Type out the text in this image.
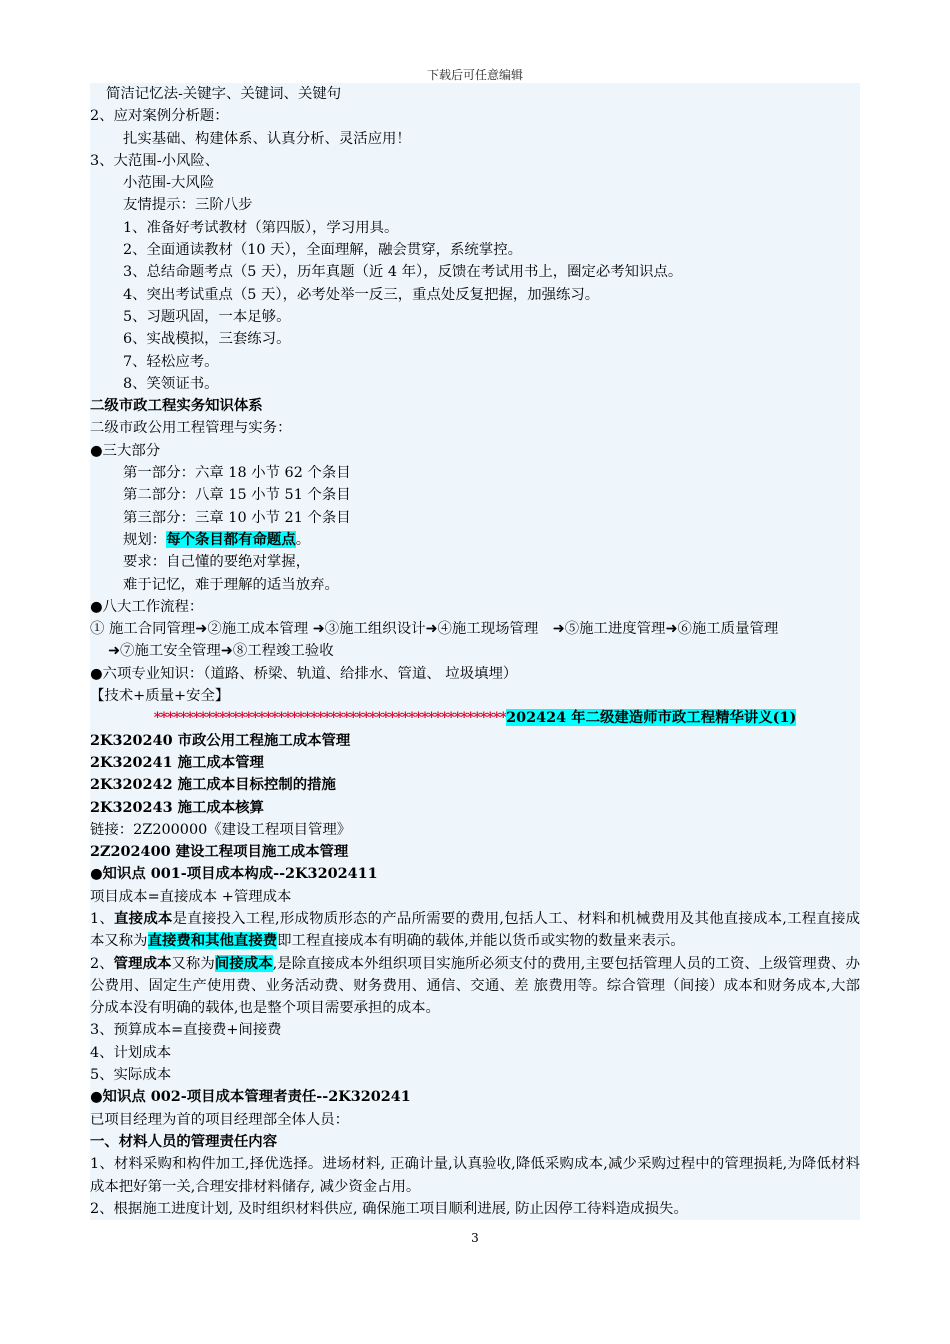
下载后可任意编辑
简洁记忆法-关键字、关键词、关键句
2、应对案例分析题：
扎实基础、构建体系、认真分析、灵活应用！
3、大范围-小风险、
小范围-大风险
友情提示：三阶八步
1、准备好考试教材（第四版），学习用具。
2、全面通读教材（10 天），全面理解，融会贯穿，系统掌控。
3、总结命题考点（5 天），历年真题（近 4 年），反馈在考试用书上，圈定必考知识点。
4、突出考试重点（5 天），必考处举一反三，重点处反复把握，加强练习。
5、习题巩固，一本足够。
6、实战模拟，三套练习。
7、轻松应考。
8、笑领证书。
二级市政工程实务知识体系
二级市政公用工程管理与实务：
●三大部分
第一部分：六章 18 小节 62 个条目
第二部分：八章 15 小节 51 个条目
第三部分：三章 10 小节 21 个条目
规划：每个条目都有命题点。
要求：自己懂的要绝对掌握，
难于记忆，难于理解的适当放弃。
●八大工作流程：
① 施工合同管理➜②施工成本管理 ➜③施工组织设计➜④施工现场管理　➜⑤施工进度管理➜⑥施工质量管理
➜⑦施工安全管理➜⑧工程竣工验收
●六项专业知识：（道路、桥梁、轨道、给排水、管道、 垃圾填埋）
【技术+质量+安全】
******************************************************202424 年二级建造师市政工程精华讲义(1)
2K320240 市政公用工程施工成本管理
2K320241 施工成本管理
2K320242 施工成本目标控制的措施
2K320243 施工成本核算
链接：2Z200000《建设工程项目管理》
2Z202400 建设工程项目施工成本管理
●知识点 001-项目成本构成--2K3202411
项目成本=直接成本 +管理成本
1、直接成本是直接投入工程,形成物质形态的产品所需要的费用,包括人工、材料和机械费用及其他直接成本,工程直接成本又称为直接费和其他直接费即工程直接成本有明确的载体,并能以货币或实物的数量来表示。
2、管理成本又称为间接成本,是除直接成本外组织项目实施所必须支付的费用,主要包括管理人员的工资、上级管理费、办公费用、固定生产使用费、业务活动费、财务费用、通信、交通、差 旅费用等。综合管理（间接）成本和财务成本,大部分成本没有明确的载体,也是整个项目需要承担的成本。
3、预算成本=直接费+间接费
4、计划成本
5、实际成本
●知识点 002-项目成本管理者责任--2K320241
已项目经理为首的项目经理部全体人员：
一、材料人员的管理责任内容
1、材料采购和构件加工,择优选择。进场材料, 正确计量,认真验收,降低采购成本,减少采购过程中的管理损耗,为降低材料成本把好第一关,合理安排材料储存, 减少资金占用。
2、根据施工进度计划, 及时组织材料供应, 确保施工项目顺利进展, 防止因停工待料造成损失。
3
